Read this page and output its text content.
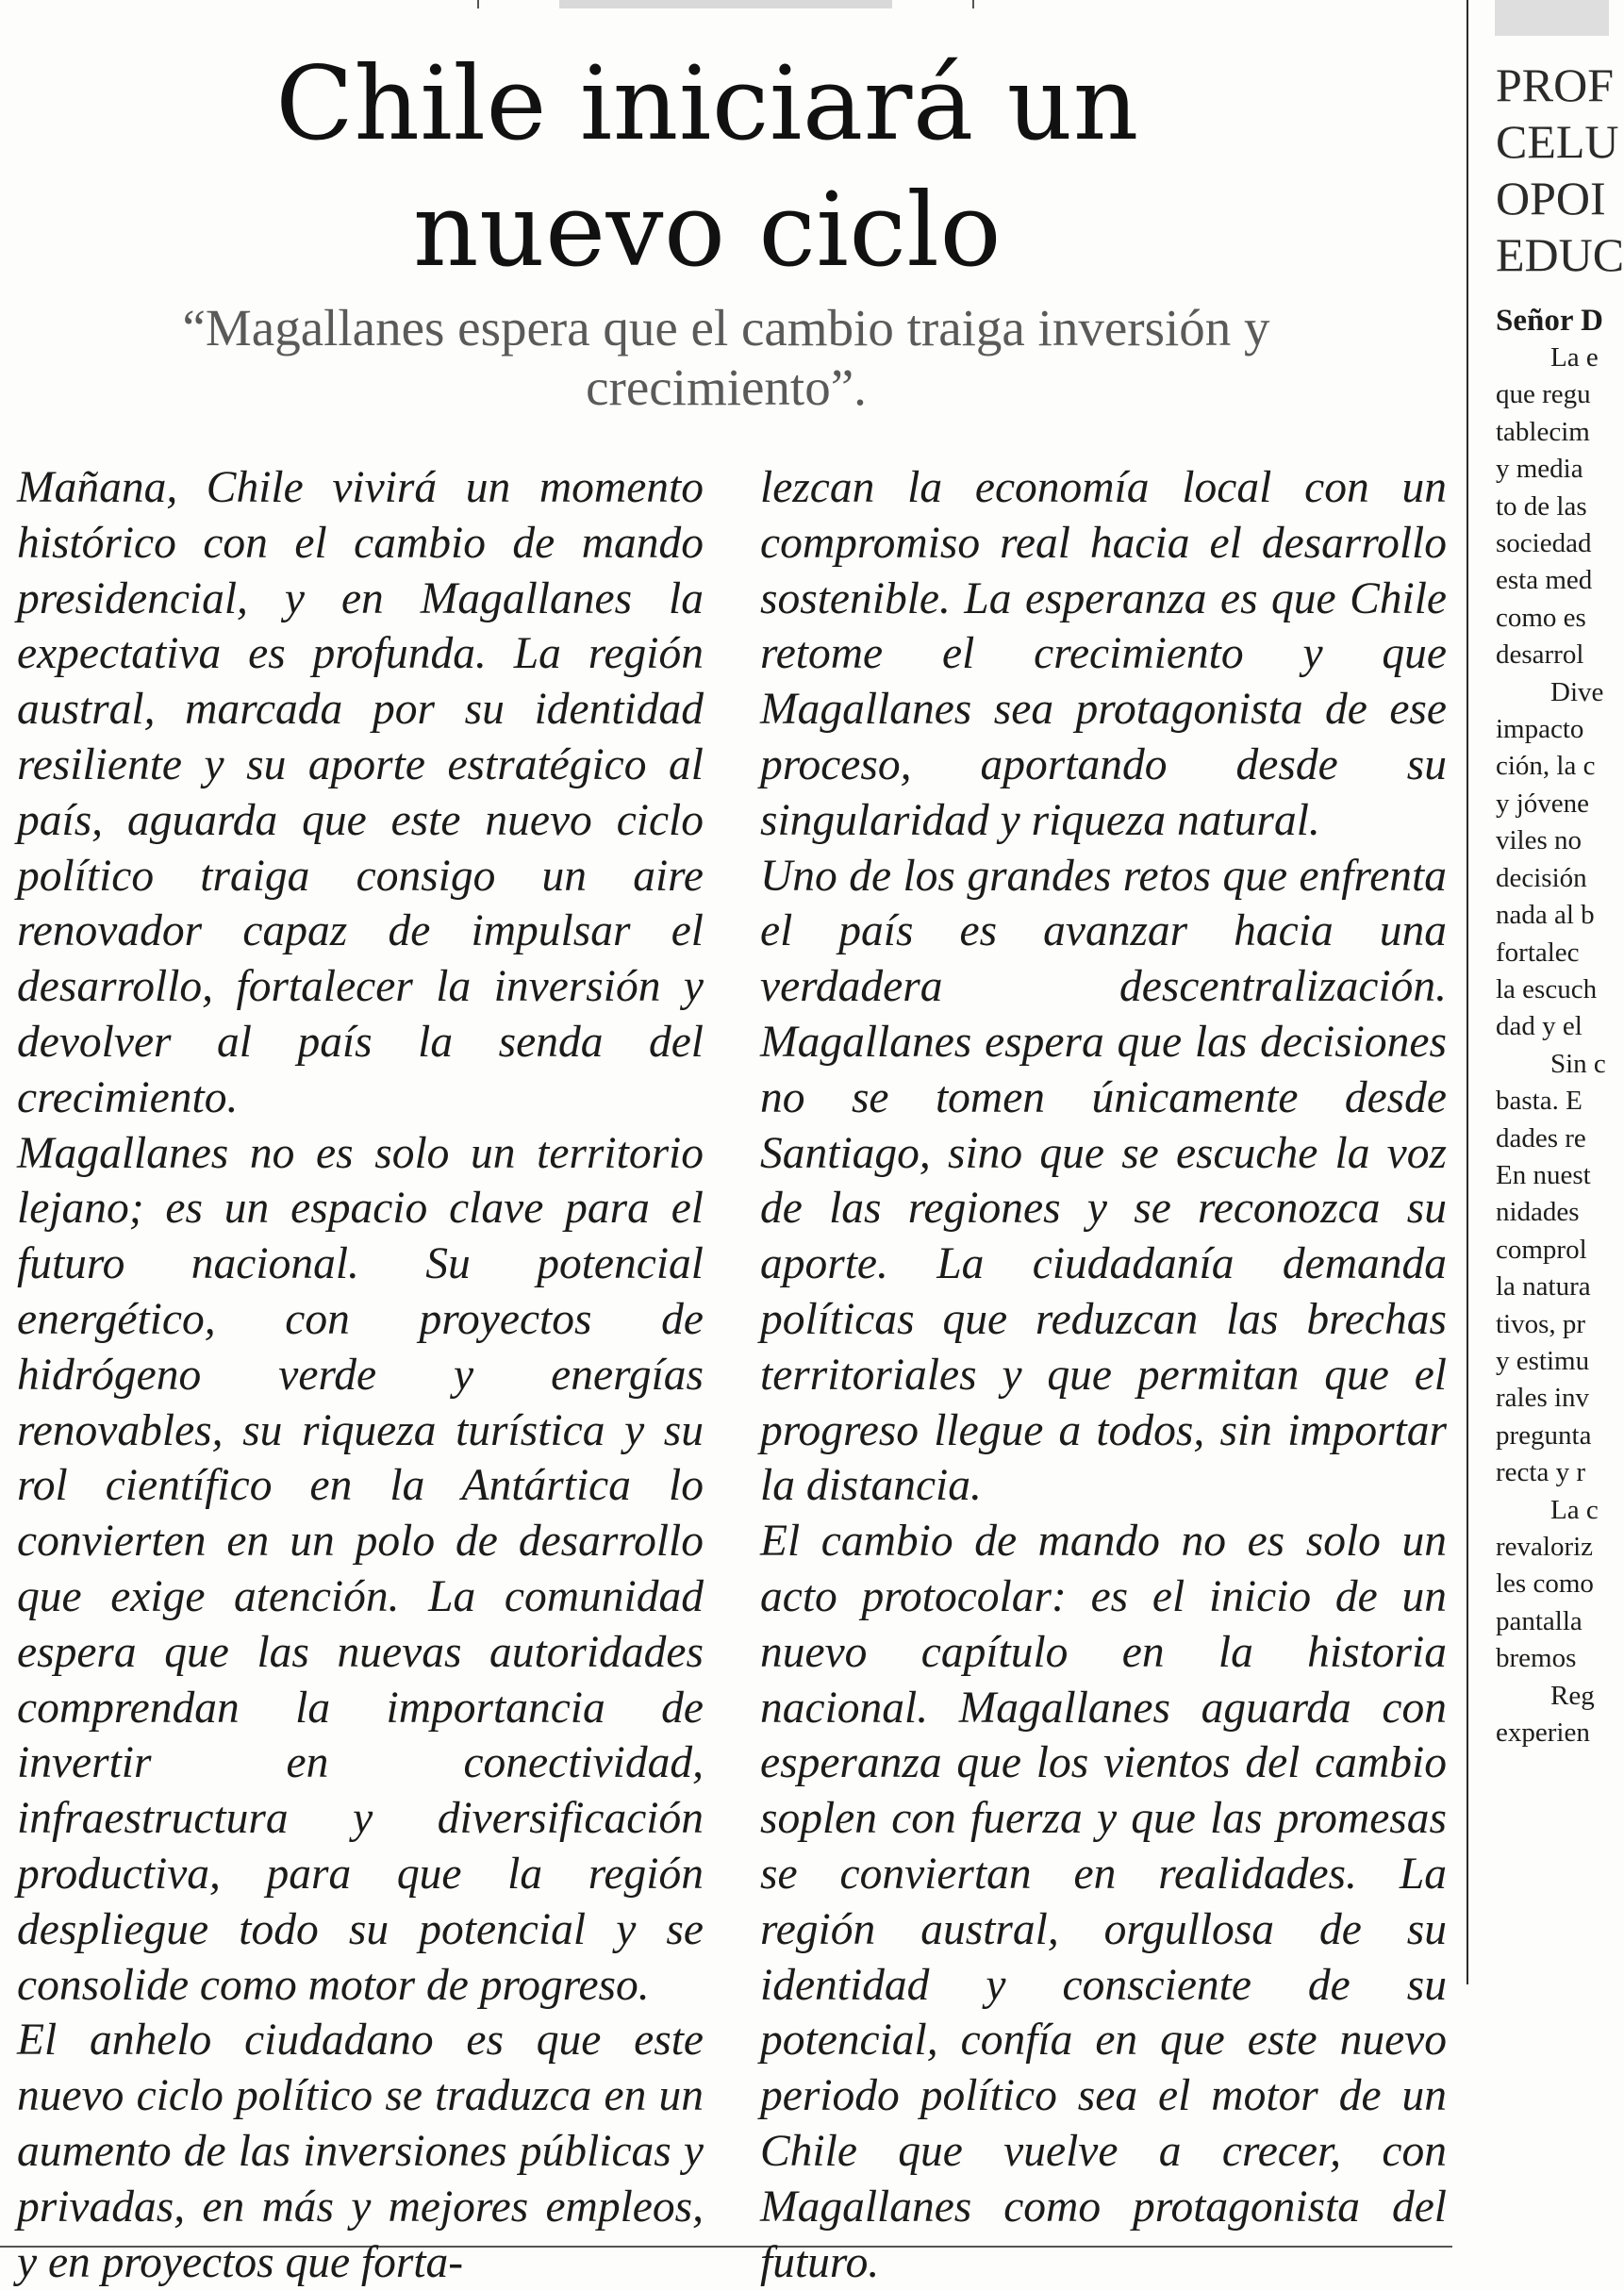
Chile iniciará un
nuevo ciclo

“Magallanes espera que el cambio traiga inversión y crecimiento”.

Mañana, Chile vivirá un momento histórico con el cambio de mando presidencial, y en Magallanes la expectativa es profunda. La región austral, marcada por su identidad resiliente y su aporte estratégico al país, aguarda que este nuevo ciclo político traiga consigo un aire renovador capaz de impulsar el desarrollo, fortalecer la inversión y devolver al país la senda del crecimiento.

Magallanes no es solo un territorio lejano; es un espacio clave para el futuro nacional. Su potencial energético, con proyectos de hidrógeno verde y energías renovables, su riqueza turística y su rol científico en la Antártica lo convierten en un polo de desarrollo que exige atención. La comunidad espera que las nuevas autoridades comprendan la importancia de invertir en conectividad, infraestructura y diversificación productiva, para que la región despliegue todo su potencial y se consolide como motor de progreso.

El anhelo ciudadano es que este nuevo ciclo político se traduzca en un aumento de las inversiones públicas y privadas, en más y mejores empleos, y en proyectos que forta-

lezcan la economía local con un compromiso real hacia el desarrollo sostenible. La esperanza es que Chile retome el crecimiento y que Magallanes sea protagonista de ese proceso, aportando desde su singularidad y riqueza natural.

Uno de los grandes retos que enfrenta el país es avanzar hacia una verdadera descentralización. Magallanes espera que las decisiones no se tomen únicamente desde Santiago, sino que se escuche la voz de las regiones y se reconozca su aporte. La ciudadanía demanda políticas que reduzcan las brechas territoriales y que permitan que el progreso llegue a todos, sin importar la distancia.

El cambio de mando no es solo un acto protocolar: es el inicio de un nuevo capítulo en la historia nacional. Magallanes aguarda con esperanza que los vientos del cambio soplen con fuerza y que las promesas se conviertan en realidades. La región austral, orgullosa de su identidad y consciente de su potencial, confía en que este nuevo periodo político sea el motor de un Chile que vuelve a crecer, con Magallanes como protagonista del futuro.

PROF

CELU

OPOI

EDUC

Señor D

La e

que regu

tablecim

y media

to de las

sociedad

esta med

como es

desarrol

Dive

impacto

ción, la c

y jóvene

viles no

decisión

nada al b

fortalec

la escuch

dad y el

Sin c

basta. E

dades re

En nuest

nidades

comprol

la natura

tivos, pr

y estimu

rales inv

pregunta

recta y r

La c

revaloriz

les como

pantalla

bremos

Reg

experien
